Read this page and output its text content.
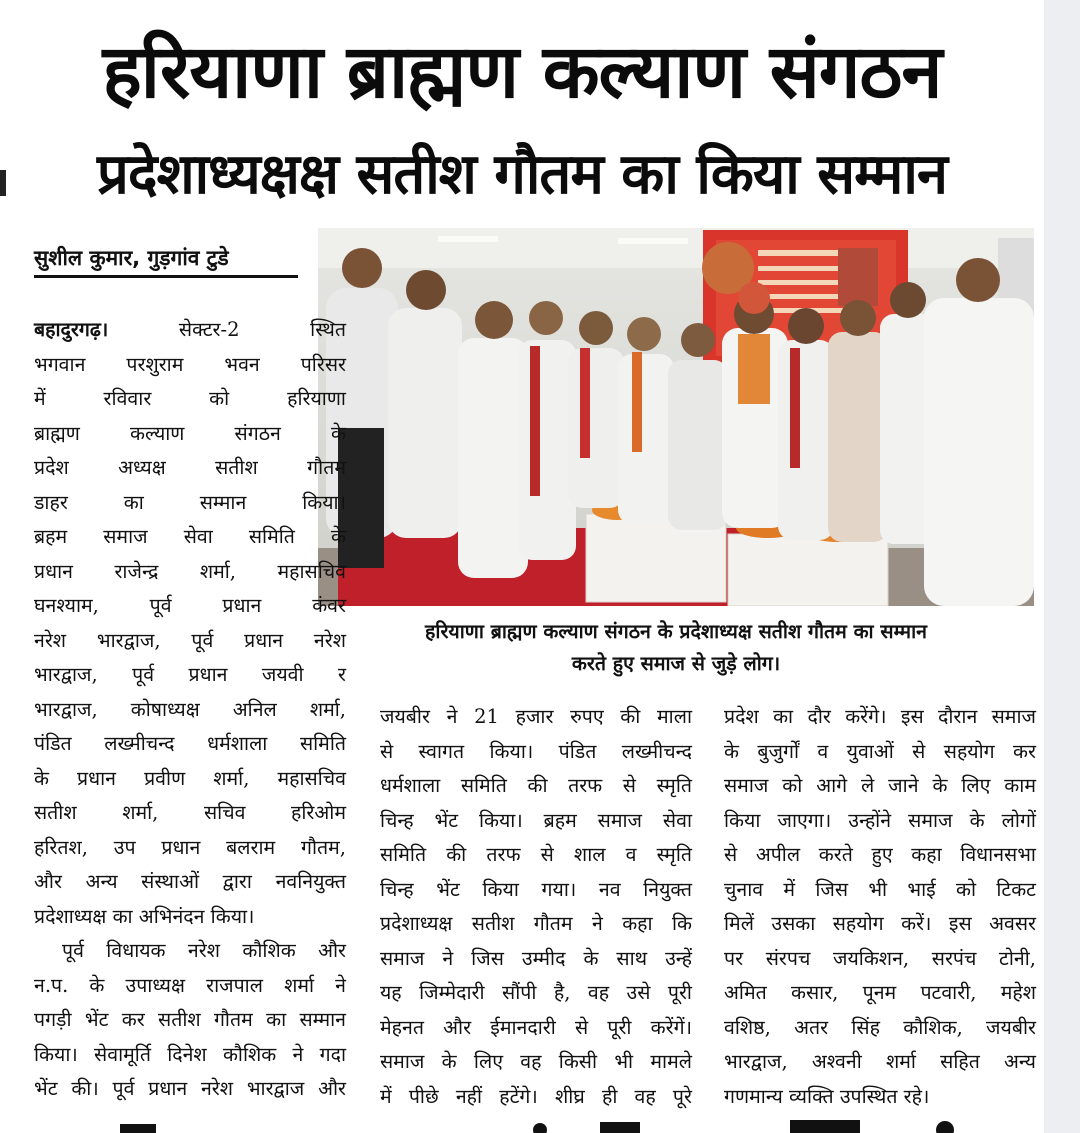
हरियाणा ब्राह्मण कल्याण संगठन
प्रदेशाध्यक्षक्ष सतीश गौतम का किया सम्मान
सुशील कुमार, गुड़गांव टुडे
हरियाणा ब्राह्मण कल्याण संगठन के प्रदेशाध्यक्ष सतीश गौतम का सम्मान
करते हुए समाज से जुड़े लोग।
बहादुरगढ़।	सेक्टर-2 स्थित
भगवान परशुराम भवन परिसर
में रविवार को हरियाणा
ब्राह्मण कल्याण संगठन के
प्रदेश अध्यक्ष सतीश गौतम
डाहर का सम्मान किया।
ब्रहम समाज सेवा समिति के
प्रधान राजेन्द्र शर्मा, महासचिव
घनश्याम, पूर्व प्रधान कंवर
नरेश भारद्वाज, पूर्व प्रधान नरेश
भारद्वाज, पूर्व प्रधान जयवी र
भारद्वाज, कोषाध्यक्ष अनिल शर्मा,
पंडित लख्मीचन्द धर्मशाला समिति
के प्रधान प्रवीण शर्मा, महासचिव
सतीश शर्मा, सचिव हरिओम
हरितश, उप प्रधान बलराम गौतम,
और अन्य संस्थाओं द्वारा नवनियुक्त
प्रदेशाध्यक्ष का अभिनंदन किया।
पूर्व विधायक नरेश कौशिक और
न.प. के उपाध्यक्ष राजपाल शर्मा ने
पगड़ी भेंट कर सतीश गौतम का सम्मान
किया। सेवामूर्ति दिनेश कौशिक ने गदा
भेंट की। पूर्व प्रधान नरेश भारद्वाज और
जयबीर ने 21 हजार रुपए की माला
से स्वागत किया। पंडित लख्मीचन्द
धर्मशाला समिति की तरफ से स्मृति
चिन्ह भेंट किया। ब्रहम समाज सेवा
समिति की तरफ से शाल व स्मृति
चिन्ह भेंट किया गया। नव नियुक्त
प्रदेशाध्यक्ष सतीश गौतम ने कहा कि
समाज ने जिस उम्मीद के साथ उन्हें
यह जिम्मेदारी सौंपी है, वह उसे पूरी
मेहनत और ईमानदारी से पूरी करेंगें।
समाज के लिए वह किसी भी मामले
में पीछे नहीं हटेंगे। शीघ्र ही वह पूरे
प्रदेश का दौर करेंगे। इस दौरान समाज
के बुजुर्गों व युवाओं से सहयोग कर
समाज को आगे ले जाने के लिए काम
किया जाएगा। उन्होंने समाज के लोगों
से अपील करते हुए कहा विधानसभा
चुनाव में जिस भी भाई को टिकट
मिलें उसका सहयोग करें। इस अवसर
पर संरपच जयकिशन, सरपंच टोनी,
अमित कसार, पूनम पटवारी, महेश
वशिष्ठ, अतर सिंह कौशिक, जयबीर
भारद्वाज, अश्वनी शर्मा सहित अन्य
गणमान्य व्यक्ति उपस्थित रहे।
